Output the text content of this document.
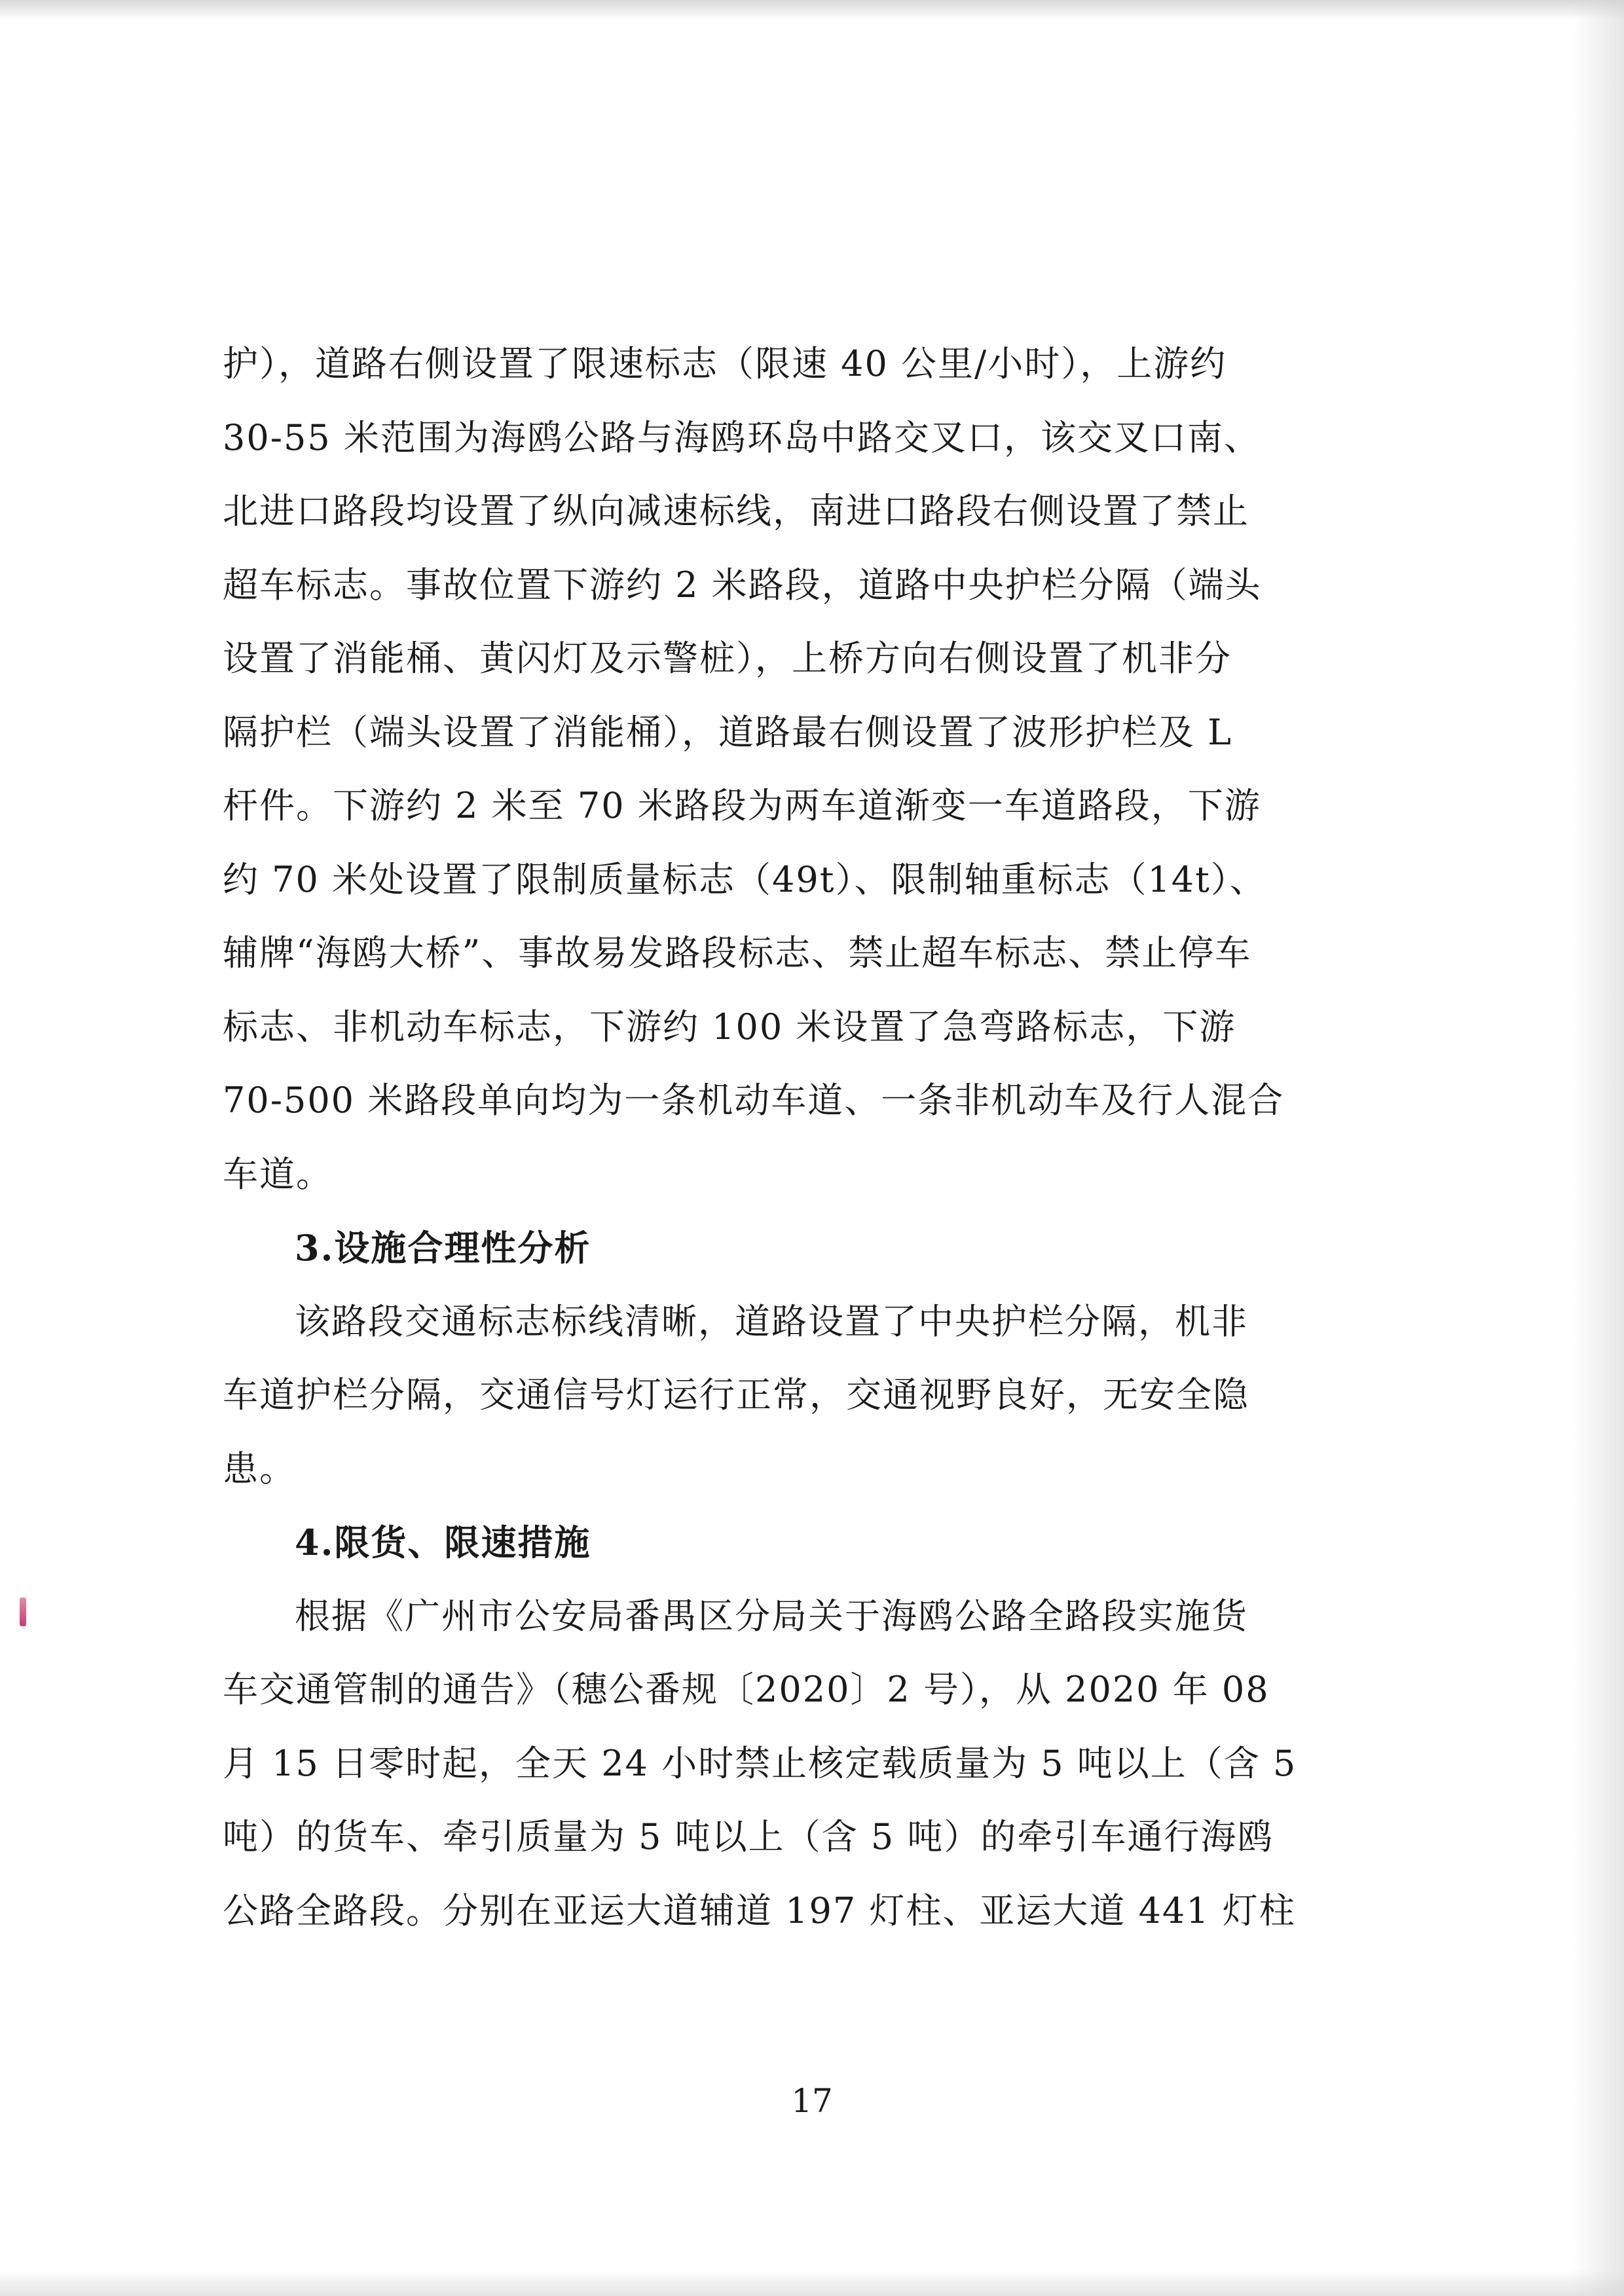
护），道路右侧设置了限速标志（限速 40 公里/小时），上游约
30-55 米范围为海鸥公路与海鸥环岛中路交叉口，该交叉口南、
北进口路段均设置了纵向减速标线，南进口路段右侧设置了禁止
超车标志。事故位置下游约 2 米路段，道路中央护栏分隔（端头
设置了消能桶、黄闪灯及示警桩），上桥方向右侧设置了机非分
隔护栏（端头设置了消能桶），道路最右侧设置了波形护栏及 L
杆件。下游约 2 米至 70 米路段为两车道渐变一车道路段，下游
约 70 米处设置了限制质量标志（49t）、限制轴重标志（14t）、
辅牌“海鸥大桥”、事故易发路段标志、禁止超车标志、禁止停车
标志、非机动车标志，下游约 100 米设置了急弯路标志，下游
70-500 米路段单向均为一条机动车道、一条非机动车及行人混合
车道。
3.设施合理性分析
该路段交通标志标线清晰，道路设置了中央护栏分隔，机非
车道护栏分隔，交通信号灯运行正常，交通视野良好，无安全隐
患。
4.限货、限速措施
根据《广州市公安局番禺区分局关于海鸥公路全路段实施货
车交通管制的通告》（穗公番规〔2020〕2 号），从 2020 年 08
月 15 日零时起，全天 24 小时禁止核定载质量为 5 吨以上（含 5
吨）的货车、牵引质量为 5 吨以上（含 5 吨）的牵引车通行海鸥
公路全路段。分别在亚运大道辅道 197 灯柱、亚运大道 441 灯柱
17
